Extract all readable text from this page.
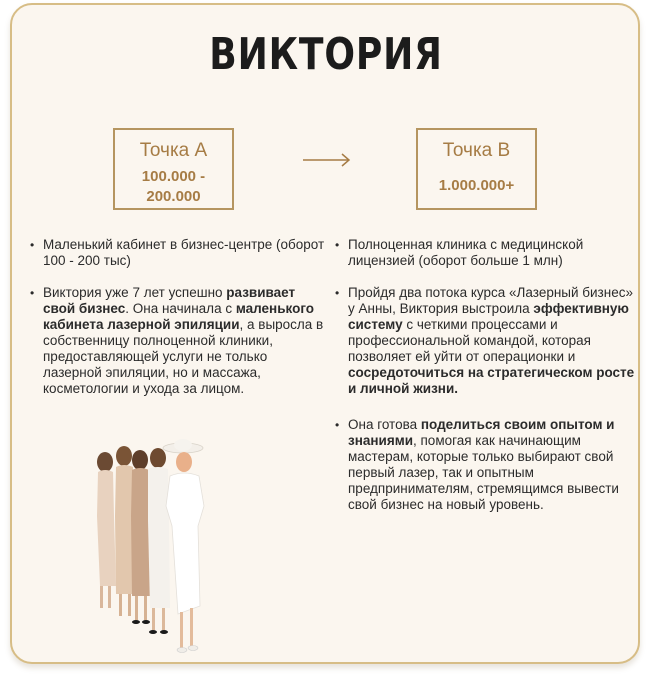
ВИКТОРИЯ
Точка А
100.000 -
200.000
Точка В
1.000.000+
• Маленький кабинет в бизнес-центре (оборот 100 - 200 тыс)
• Виктория уже 7 лет успешно развивает свой бизнес. Она начинала с маленького кабинета лазерной эпиляции, а выросла в собственницу полноценной клиники, предоставляющей услуги не только лазерной эпиляции, но и массажа, косметологии и ухода за лицом.
• Полноценная клиника с медицинской лицензией (оборот больше 1 млн)
• Пройдя два потока курса «Лазерный бизнес» у Анны, Виктория выстроила эффективную систему с четкими процессами и профессиональной командой, которая позволяет ей уйти от операционки и сосредоточиться на стратегическом росте и личной жизни.
• Она готова поделиться своим опытом и знаниями, помогая как начинающим мастерам, которые только выбирают свой первый лазер, так и опытным предпринимателям, стремящимся вывести свой бизнес на новый уровень.
